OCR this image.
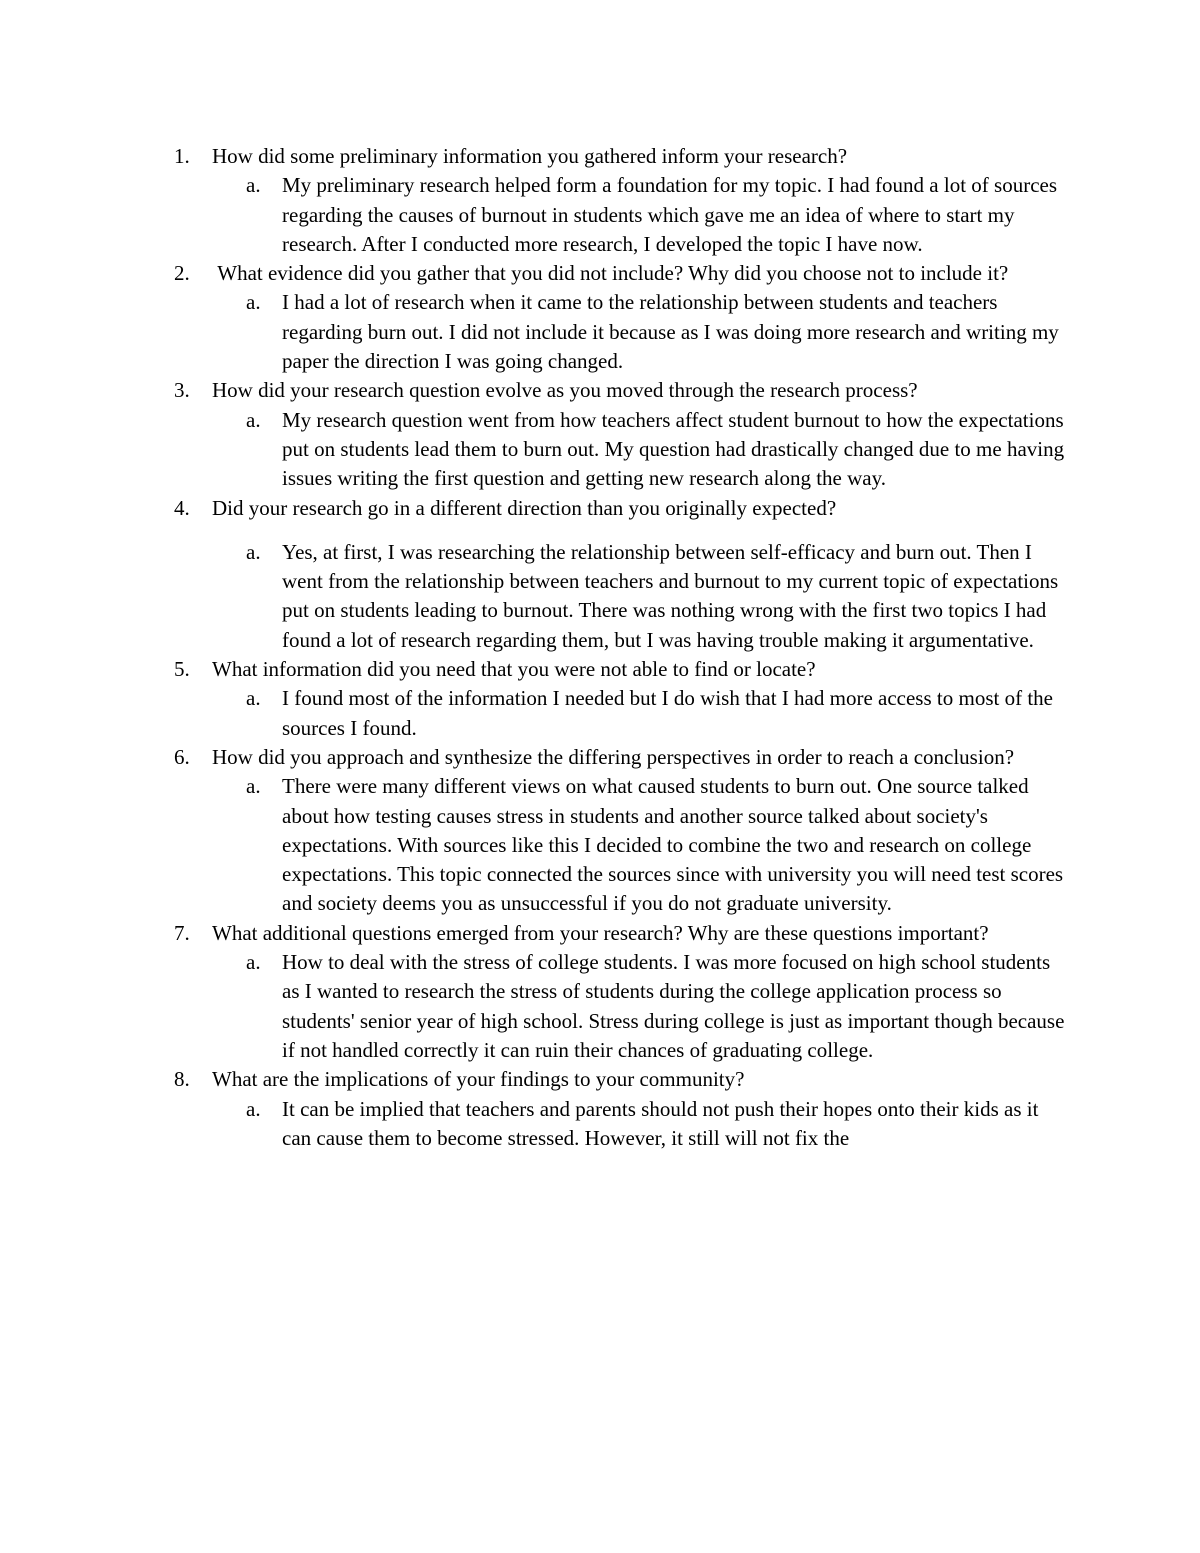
1.	How did some preliminary information you gathered inform your research?
a. My preliminary research helped form a foundation for my topic. I had found a lot of sources regarding the causes of burnout in students which gave me an idea of where to start my research. After I conducted more research, I developed the topic I have now.
2.	What evidence did you gather that you did not include? Why did you choose not to include it?
a. I had a lot of research when it came to the relationship between students and teachers regarding burn out. I did not include it because as I was doing more research and writing my paper the direction I was going changed.
3.	How did your research question evolve as you moved through the research process?
a. My research question went from how teachers affect student burnout to how the expectations put on students lead them to burn out. My question had drastically changed due to me having issues writing the first question and getting new research along the way.
4.	Did your research go in a different direction than you originally expected?
a. Yes, at first, I was researching the relationship between self-efficacy and burn out. Then I went from the relationship between teachers and burnout to my current topic of expectations put on students leading to burnout. There was nothing wrong with the first two topics I had found a lot of research regarding them, but I was having trouble making it argumentative.
5.	What information did you need that you were not able to find or locate?
a. I found most of the information I needed but I do wish that I had more access to most of the sources I found.
6.	How did you approach and synthesize the differing perspectives in order to reach a conclusion?
a. There were many different views on what caused students to burn out. One source talked about how testing causes stress in students and another source talked about society's expectations. With sources like this I decided to combine the two and research on college expectations. This topic connected the sources since with university you will need test scores and society deems you as unsuccessful if you do not graduate university.
7.	What additional questions emerged from your research? Why are these questions important?
a. How to deal with the stress of college students. I was more focused on high school students as I wanted to research the stress of students during the college application process so students' senior year of high school. Stress during college is just as important though because if not handled correctly it can ruin their chances of graduating college.
8.	What are the implications of your findings to your community?
a. It can be implied that teachers and parents should not push their hopes onto their kids as it can cause them to become stressed. However, it still will not fix the
